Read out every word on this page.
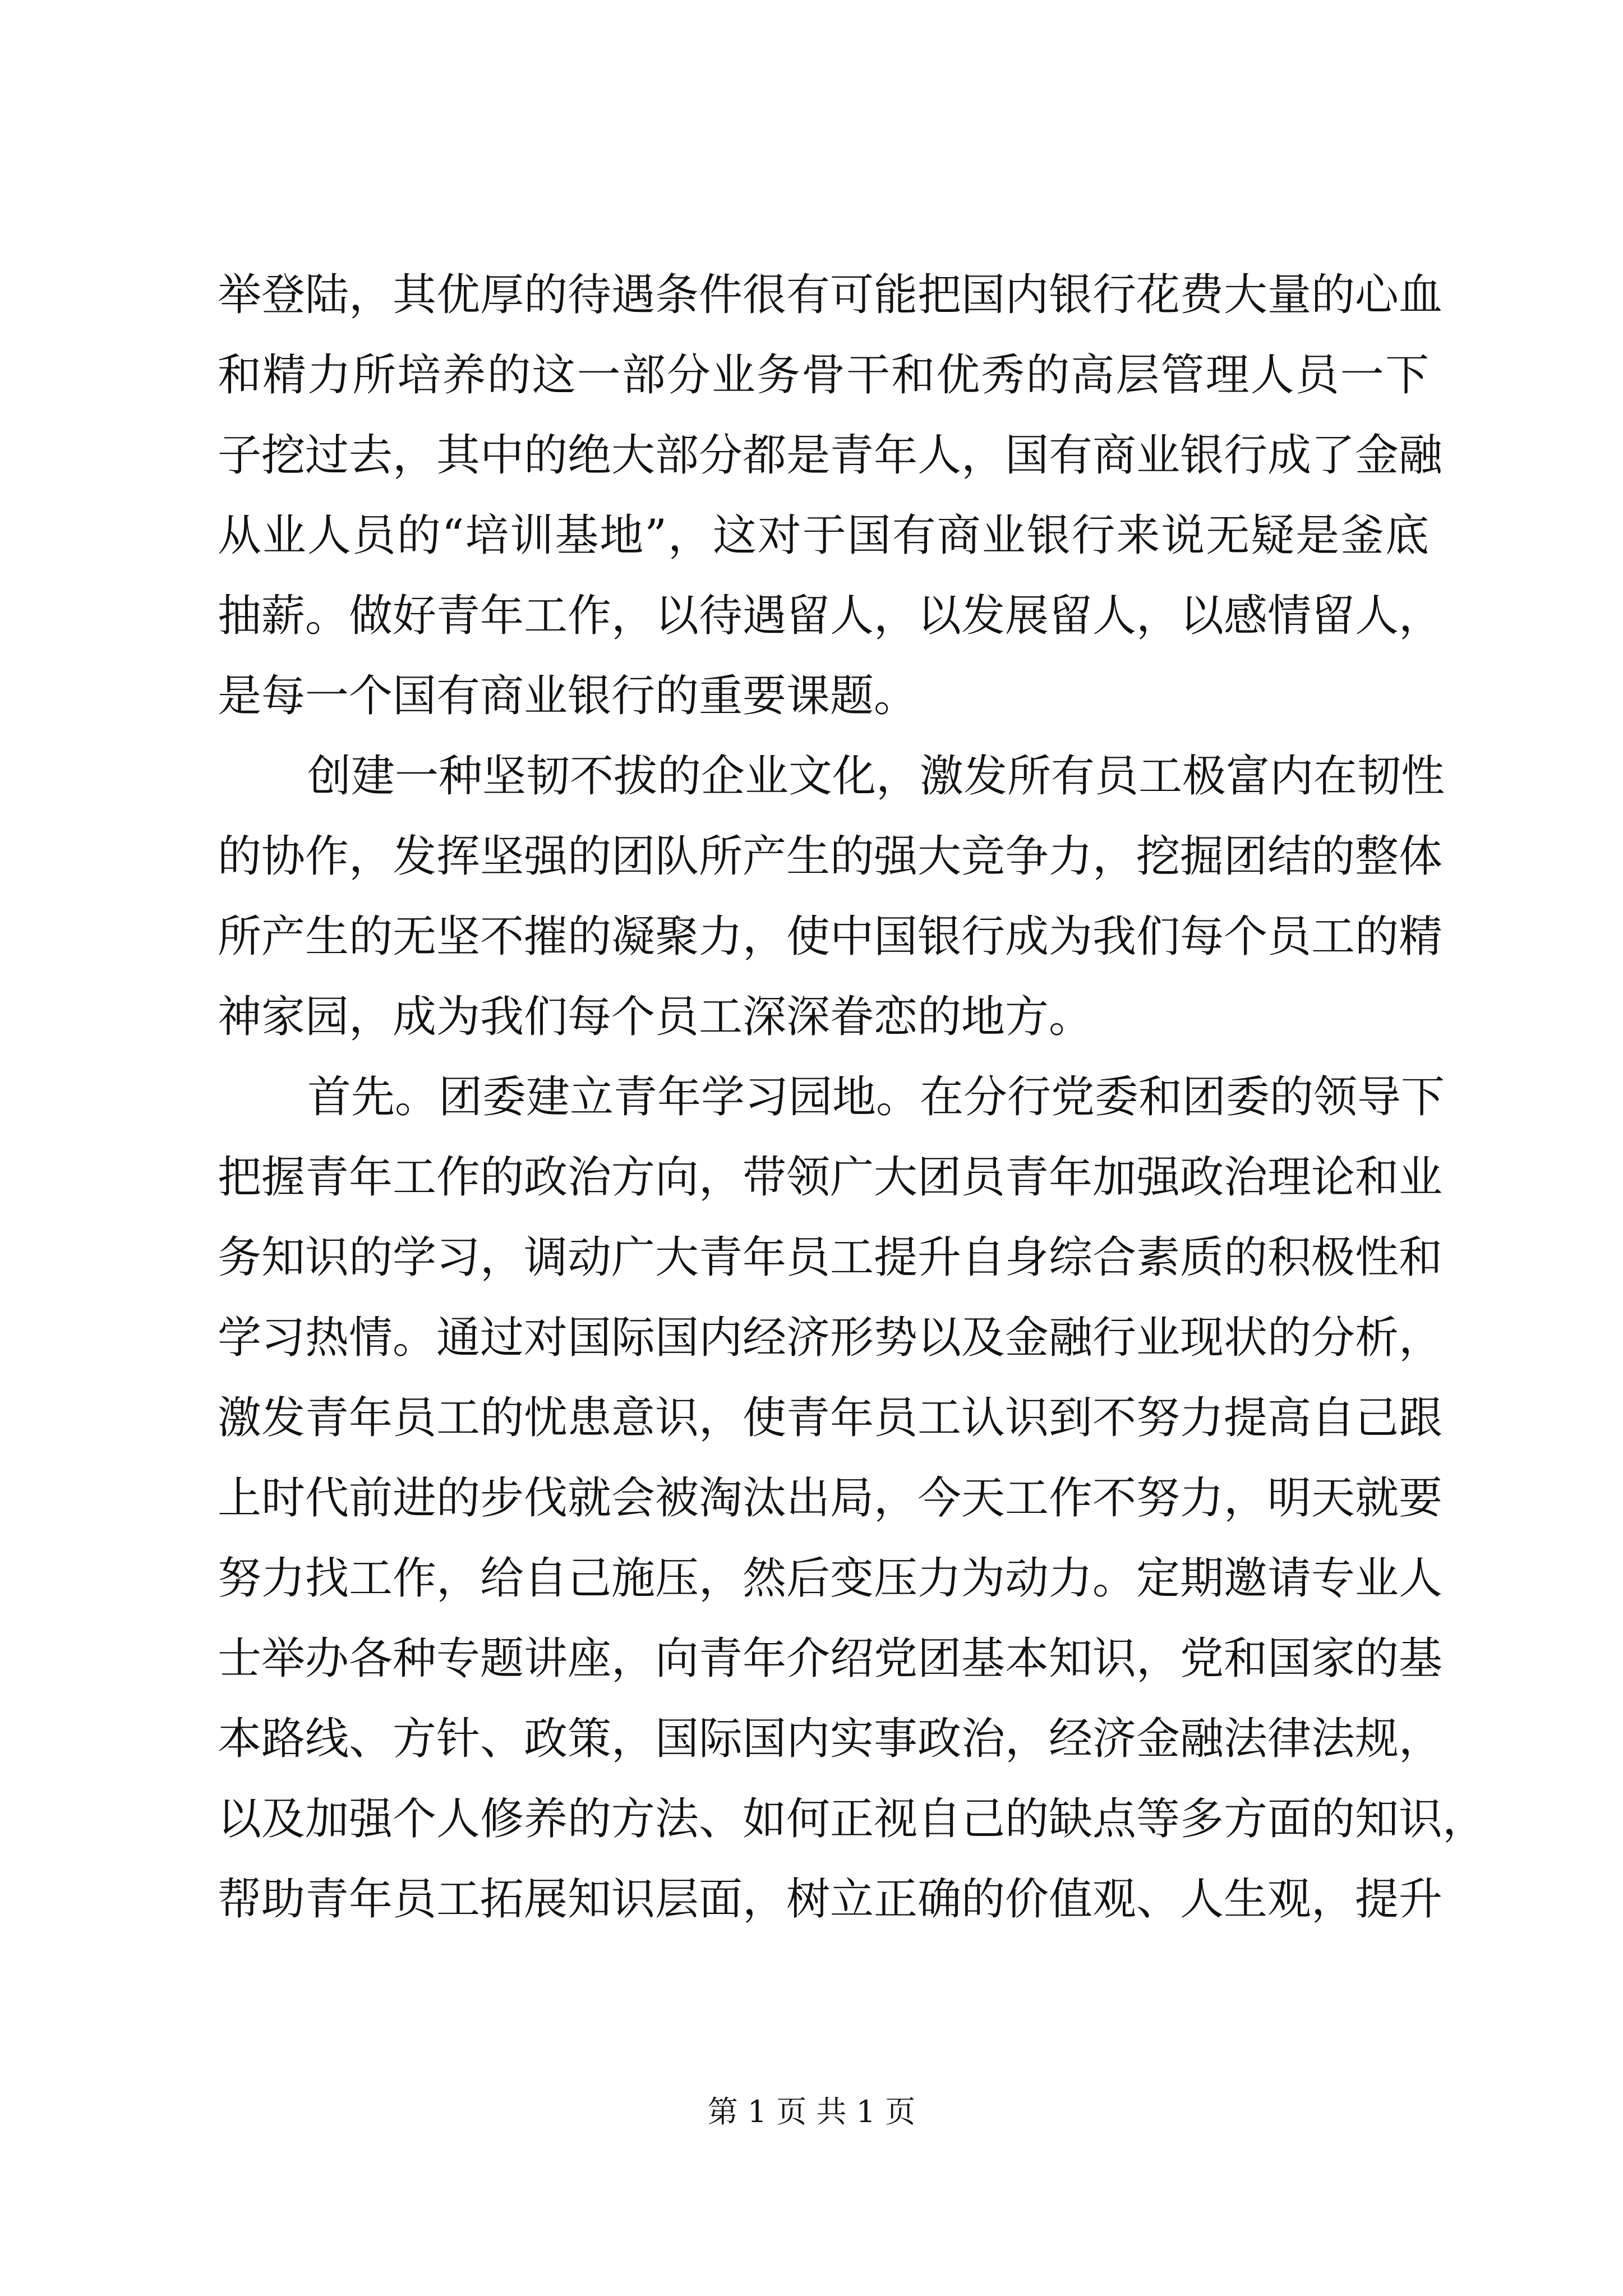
举登陆，其优厚的待遇条件很有可能把国内银行花费大量的心血
和精力所培养的这一部分业务骨干和优秀的高层管理人员一下
子挖过去，其中的绝大部分都是青年人，国有商业银行成了金融
从业人员的“培训基地”，这对于国有商业银行来说无疑是釜底
抽薪。做好青年工作，以待遇留人，以发展留人，以感情留人，
是每一个国有商业银行的重要课题。
创建一种坚韧不拔的企业文化，激发所有员工极富内在韧性
的协作，发挥坚强的团队所产生的强大竞争力，挖掘团结的整体
所产生的无坚不摧的凝聚力，使中国银行成为我们每个员工的精
神家园，成为我们每个员工深深眷恋的地方。
首先。团委建立青年学习园地。在分行党委和团委的领导下
把握青年工作的政治方向，带领广大团员青年加强政治理论和业
务知识的学习，调动广大青年员工提升自身综合素质的积极性和
学习热情。通过对国际国内经济形势以及金融行业现状的分析，
激发青年员工的忧患意识，使青年员工认识到不努力提高自己跟
上时代前进的步伐就会被淘汰出局，今天工作不努力，明天就要
努力找工作，给自己施压，然后变压力为动力。定期邀请专业人
士举办各种专题讲座，向青年介绍党团基本知识，党和国家的基
本路线、方针、政策，国际国内实事政治，经济金融法律法规，
以及加强个人修养的方法、如何正视自己的缺点等多方面的知识，
帮助青年员工拓展知识层面，树立正确的价值观、人生观，提升
第 1 页 共 1 页
